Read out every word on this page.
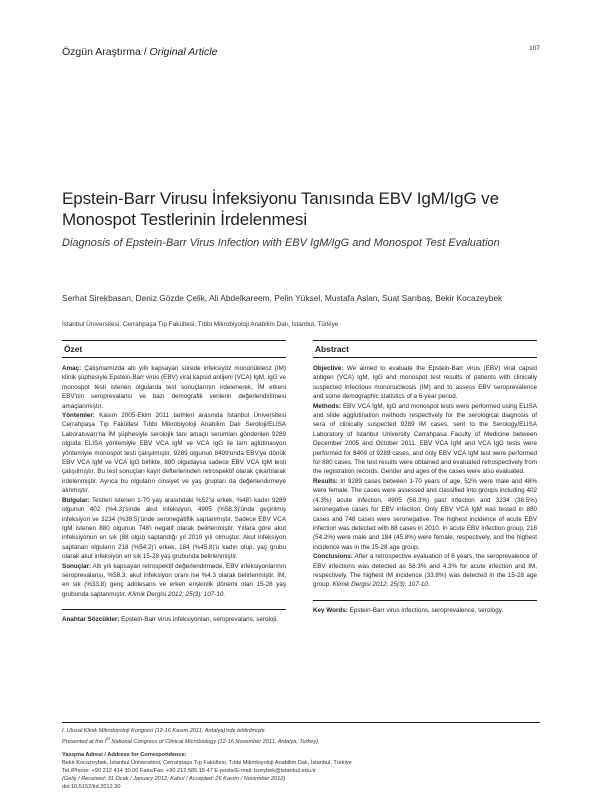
Özgün Araştırma / Original Article	107
Epstein-Barr Virusu İnfeksiyonu Tanısında EBV IgM/IgG ve Monospot Testlerinin İrdelenmesi
Diagnosis of Epstein-Barr Virus Infection with EBV IgM/IgG and Monospot Test Evaluation
Serhat Sirekbasan, Deniz Gözde Çelik, Ali Abdelkareem, Pelin Yüksel, Mustafa Aslan, Suat Sarıbaş, Bekir Kocazeybek
İstanbul Üniversitesi, Cerrahpaşa Tıp Fakültesi, Tıbbi Mikrobiyoloji Anabilim Dalı, İstanbul, Türkiye
Özet

Amaç: Çalışmamızda altı yıllı kapsayan sürede infeksiyöz mononükleoz (IM) klinik şüphesiyle Epstein-Barr virüs (EBV) viral kapsid antijeni (VCA) IgM, IgG ve monospot testi istenen olgularda test sonuçlarının irdelenerek, İM etkeni EBV'nin seroprevalansı ve bazı demografik verilerin değerlendirilmesi amaçlanmıştır.

Yöntemler: Kasım 2005-Ekim 2011 tarihleri arasında İstanbul Üniversitesi Cerrahpaşa Tıp Fakültesi Tıbbi Mikrobiyoloji Anabilim Dalı Seroloji/ELISA Laboratuvarı'na İM şüphesiyle serolojik tanı amaçlı serumları gönderilen 9289 olguda ELISA yöntemiyle EBV VCA IgM ve VCA IgG ile lam aglütinasyon yöntemiyle monospot testi çalışılmıştır. 9289 olgunun 8409'unda EBV'ye dönük EBV VCA IgM ve VCA IgG birlikte, 880 olgudaysa sadece EBV VCA IgM testi çalışılmıştır. Bu test sonuçları kayıt defterlerinden retrospektif olarak çıkartılarak irdelenmiştir. Ayrıca bu olguların cinsiyet ve yaş grupları da değerlendirmeye alınmıştır.

Bulgular: Testleri istenen 1-70 yaş arasındaki %52'si erkek, %48'i kadın 9289 olgunun 402 (%4.3)'sinde akut infeksiyon, 4905 (%58.3)'ünde geçirilmiş infeksiyon ve 3234 (%38.5)'ünde seronegatiflik saptanmıştır. Sadece EBV VCA IgM istenen 880 olgunun 748'i negatif olarak belirlenmiştir. Yıllara göre akut infeksiyonun en sık (88 olgu) saptandığı yıl 2010 yılı olmuştur. Akut infeksiyon saptanan olguların 218 (%54.2)'i erkek, 184 (%45.8)'ü kadın olup, yaş grubu olarak akut infeksiyon en sık 15-28 yaş grubunda belirlenmiştir.

Sonuçlar: Altı yılı kapsayan retrospektif değerlendirmede, EBV infeksiyonlarının seroprevalansı, %58.3; akut infeksiyon oranı ise %4.3 olarak belirlenmiştir. İM, en sık (%33.8) genç adolesans ve erken erişkinlik dönemi olan 15-28 yaş grubunda saptanmıştır. Klimik Dergisi 2012; 25(3): 107-10.

Anahtar Sözcükler: Epstein-Barr virus infeksiyonları, seroprevalans, seroloji.
Abstract

Objective: We aimed to evaluate the Epstein-Barr virus (EBV) viral capsid antigen (VCA) IgM, IgG and monospot test results of patients with clinically suspected infectious mononucleosis (IM) and to assess EBV seroprevalence and some demographic statistics of a 6-year period.

Methods: EBV VCA IgM, IgG and monospot tests were performed using ELISA and slide agglutination methods respectively for the serological diagnosis of sera of clinically suspected 9289 IM cases, sent to the Serology/ELISA Laboratory of Istanbul University Cerrahpasa Faculty of Medicine between December 2005 and October 2011. EBV VCA IgM and VCA IgG tests were performed for 8409 of 9289 cases, and only EBV VCA IgM test were performed for 880 cases. The test results were obtained and evaluated retrospectively from the registration records. Gender and ages of the cases were also evaluated.

Results: In 9289 cases between 1-70 years of age, 52% were male and 48% were female. The cases were assessed and classified into groups including 402 (4.3%) acute infection, 4905 (58.3%) past infection and 3234 (38.5%) seronegative cases for EBV infection. Only EBV VCA IgM was tested in 880 cases and 748 cases were seronegative. The highest incidence of acute EBV infection was detected with 88 cases in 2010. In acute EBV infection group, 218 (54.2%) were male and 184 (45.8%) were female, respectively, and the highest incidence was in the 15-28 age group.

Conclusions: After a retrospective evaluation of 6 years, the seroprevalence of EBV infections was detected as 58.3% and 4.3% for acute infection and IM, respectively. The highest IM incidence (33.8%) was detected in the 15-28 age group. Klimik Dergisi 2012; 25(3): 107-10.

Key Words: Epstein-Barr virus infections, seroprevalence, serology.
I. Ulusal Klinik Mikrobiyoloji Kongresi (12-16 Kasım 2011, Antalya)'nde bildirilmiştir.
Presented at the Ist National Congress of Clinical Microbiology (12-16 November 2011, Antalya, Turkey).
Yazışma Adresi / Address for Correspondence:
Bekir Kocazeybek, İstanbul Üniversitesi, Cerrahpaşa Tıp Fakültesi, Tıbbi Mikrobiyoloji Anabilim Dalı, İstanbul, Türkiye
Tel./Phone: +90 212 414 30 00 Faks/Fax: +90 212 585 15 47 E-posta/E-mail: bzeybek@istanbul.edu.tr
(Geliş / Received: 31 Ocak / January 2012; Kabul / Accepted: 26 Kasım / November 2012)
doi:10.5152/kd.2012.30
